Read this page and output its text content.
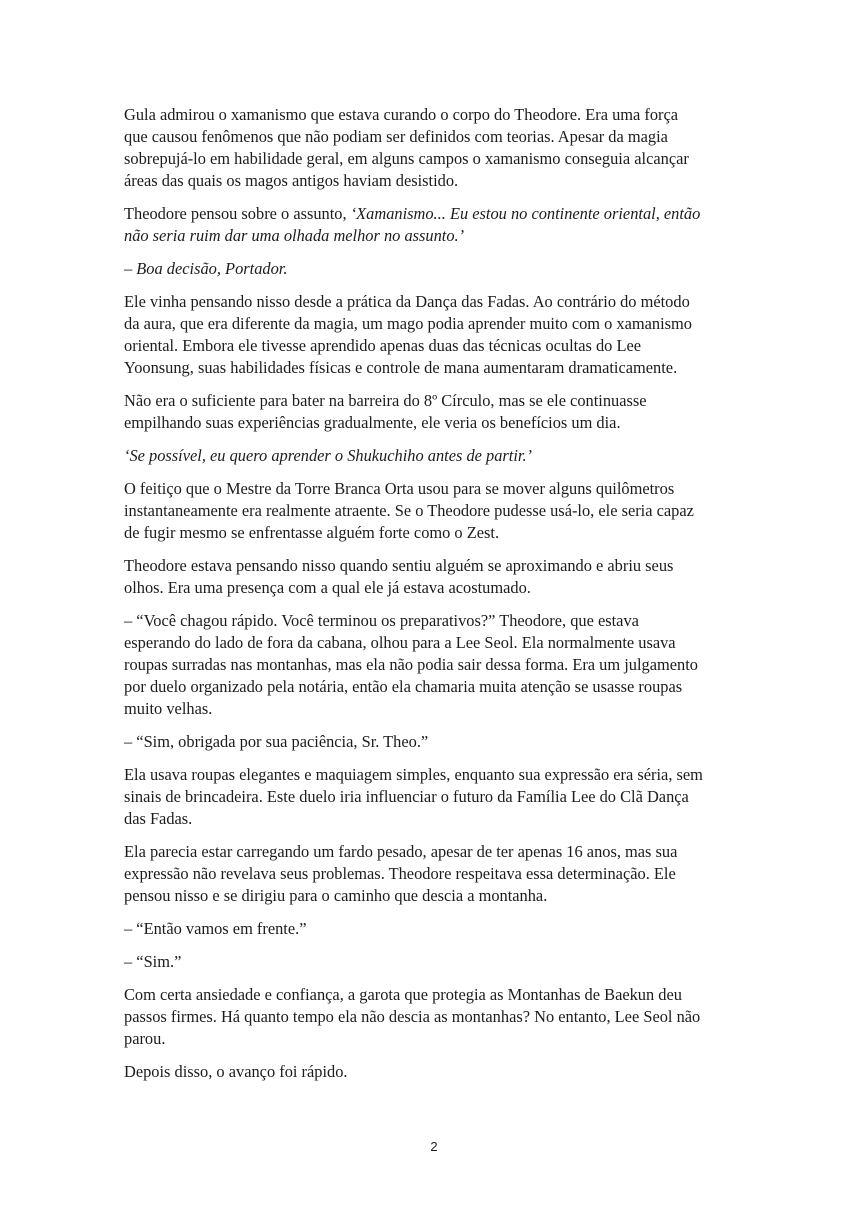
Gula admirou o xamanismo que estava curando o corpo do Theodore. Era uma força
que causou fenômenos que não podiam ser definidos com teorias. Apesar da magia
sobrepujá-lo em habilidade geral, em alguns campos o xamanismo conseguia alcançar
áreas das quais os magos antigos haviam desistido.

Theodore pensou sobre o assunto, ‘Xamanismo... Eu estou no continente oriental, então
não seria ruim dar uma olhada melhor no assunto.’

– Boa decisão, Portador.

Ele vinha pensando nisso desde a prática da Dança das Fadas. Ao contrário do método
da aura, que era diferente da magia, um mago podia aprender muito com o xamanismo
oriental. Embora ele tivesse aprendido apenas duas das técnicas ocultas do Lee
Yoonsung, suas habilidades físicas e controle de mana aumentaram dramaticamente.

Não era o suficiente para bater na barreira do 8º Círculo, mas se ele continuasse
empilhando suas experiências gradualmente, ele veria os benefícios um dia.

‘Se possível, eu quero aprender o Shukuchiho antes de partir.’

O feitiço que o Mestre da Torre Branca Orta usou para se mover alguns quilômetros
instantaneamente era realmente atraente. Se o Theodore pudesse usá-lo, ele seria capaz
de fugir mesmo se enfrentasse alguém forte como o Zest.

Theodore estava pensando nisso quando sentiu alguém se aproximando e abriu seus
olhos. Era uma presença com a qual ele já estava acostumado.

– “Você chagou rápido. Você terminou os preparativos?” Theodore, que estava
esperando do lado de fora da cabana, olhou para a Lee Seol. Ela normalmente usava
roupas surradas nas montanhas, mas ela não podia sair dessa forma. Era um julgamento
por duelo organizado pela notária, então ela chamaria muita atenção se usasse roupas
muito velhas.

– “Sim, obrigada por sua paciência, Sr. Theo.”

Ela usava roupas elegantes e maquiagem simples, enquanto sua expressão era séria, sem
sinais de brincadeira. Este duelo iria influenciar o futuro da Família Lee do Clã Dança
das Fadas.

Ela parecia estar carregando um fardo pesado, apesar de ter apenas 16 anos, mas sua
expressão não revelava seus problemas. Theodore respeitava essa determinação. Ele
pensou nisso e se dirigiu para o caminho que descia a montanha.

– “Então vamos em frente.”

– “Sim.”

Com certa ansiedade e confiança, a garota que protegia as Montanhas de Baekun deu
passos firmes. Há quanto tempo ela não descia as montanhas? No entanto, Lee Seol não
parou.

Depois disso, o avanço foi rápido.

2
